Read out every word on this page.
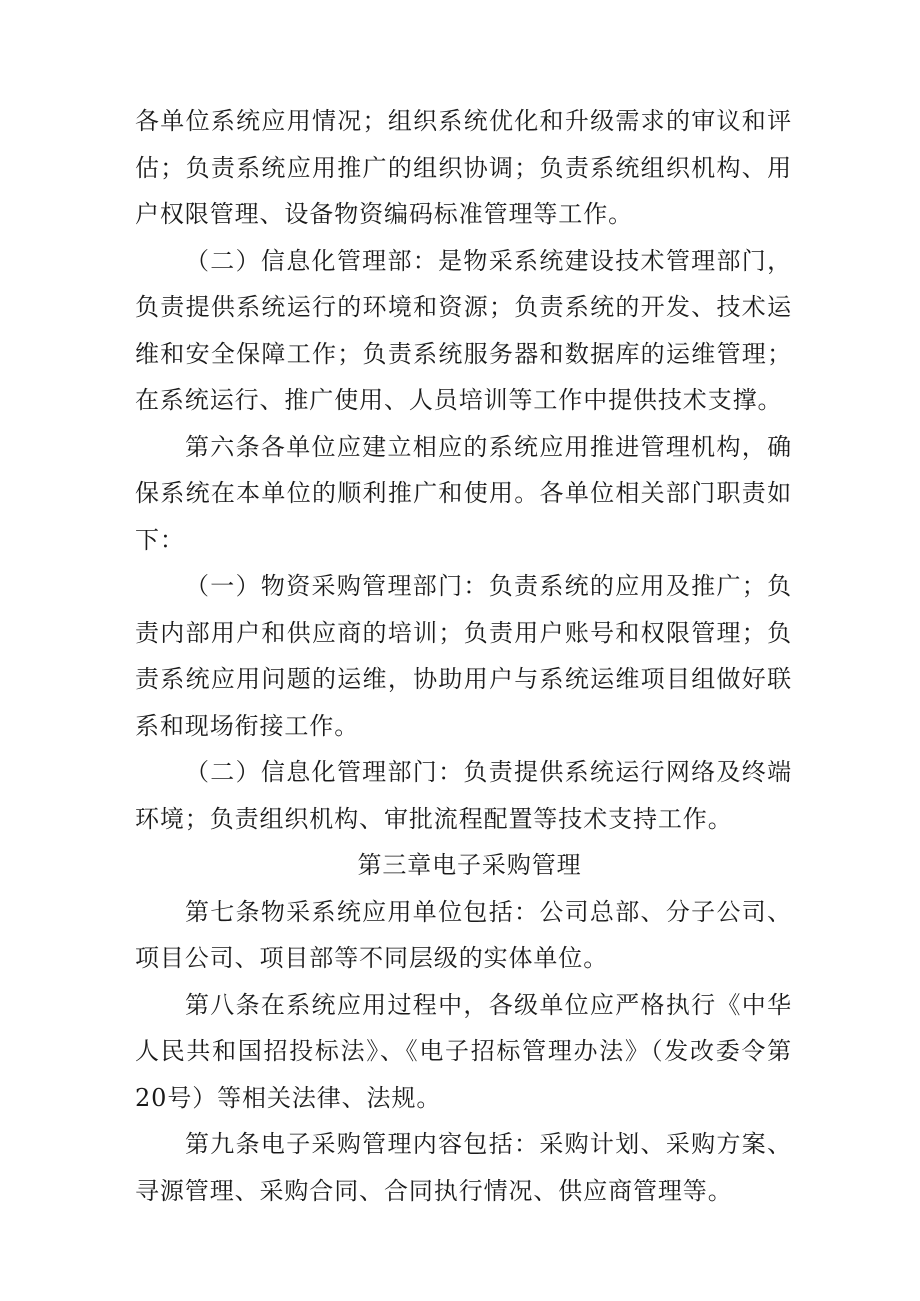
各单位系统应用情况；组织系统优化和升级需求的审议和评估；负责系统应用推广的组织协调；负责系统组织机构、用户权限管理、设备物资编码标准管理等工作。

（二）信息化管理部：是物采系统建设技术管理部门，负责提供系统运行的环境和资源；负责系统的开发、技术运维和安全保障工作；负责系统服务器和数据库的运维管理；在系统运行、推广使用、人员培训等工作中提供技术支撑。

第六条各单位应建立相应的系统应用推进管理机构，确保系统在本单位的顺利推广和使用。各单位相关部门职责如下：

（一）物资采购管理部门：负责系统的应用及推广；负责内部用户和供应商的培训；负责用户账号和权限管理；负责系统应用问题的运维，协助用户与系统运维项目组做好联系和现场衔接工作。

（二）信息化管理部门：负责提供系统运行网络及终端环境；负责组织机构、审批流程配置等技术支持工作。

第三章电子采购管理

第七条物采系统应用单位包括：公司总部、分子公司、项目公司、项目部等不同层级的实体单位。

第八条在系统应用过程中，各级单位应严格执行《中华人民共和国招投标法》、《电子招标管理办法》（发改委令第20号）等相关法律、法规。

第九条电子采购管理内容包括：采购计划、采购方案、寻源管理、采购合同、合同执行情况、供应商管理等。
